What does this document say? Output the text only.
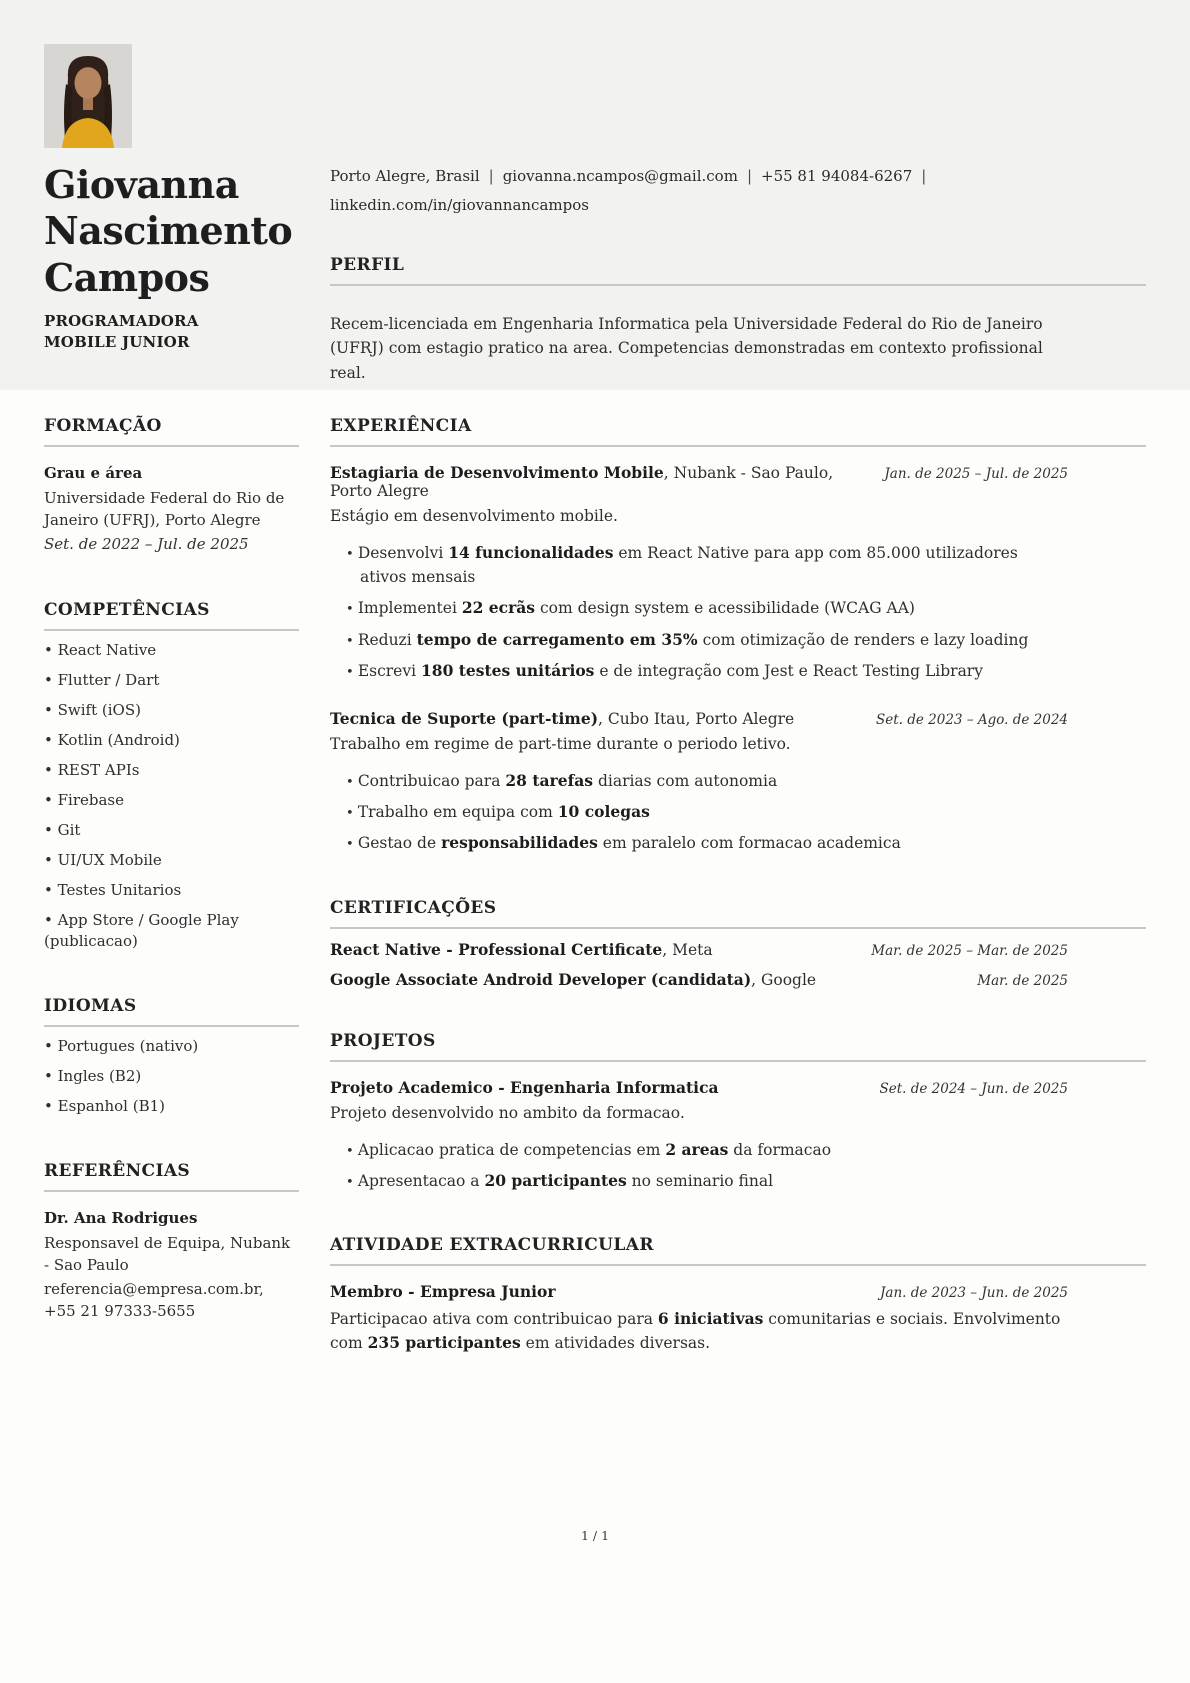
Giovanna Nascimento Campos
PROGRAMADORA MOBILE JUNIOR
Porto Alegre, Brasil | giovanna.ncampos@gmail.com | +55 81 94084-6267 |
linkedin.com/in/giovannancampos
PERFIL

Recem-licenciada em Engenharia Informatica pela Universidade Federal do Rio de Janeiro (UFRJ) com estagio pratico na area. Competencias demonstradas em contexto profissional real.

FORMAÇÃO
Grau e área
Universidade Federal do Rio de Janeiro (UFRJ), Porto Alegre
Set. de 2022 – Jul. de 2025
COMPETÊNCIAS
• React Native
• Flutter / Dart
• Swift (iOS)
• Kotlin (Android)
• REST APIs
• Firebase
• Git
• UI/UX Mobile
• Testes Unitarios
• App Store / Google Play (publicacao)
IDIOMAS
• Portugues (nativo)
• Ingles (B2)
• Espanhol (B1)
REFERÊNCIAS
Dr. Ana Rodrigues
Responsavel de Equipa, Nubank - Sao Paulo
referencia@empresa.com.br, +55 21 97333-5655
EXPERIÊNCIA
Estagiaria de Desenvolvimento Mobile, Nubank - Sao Paulo, Porto Alegre
Jan. de 2025 – Jul. de 2025
Estágio em desenvolvimento mobile.
• Desenvolvi 14 funcionalidades em React Native para app com 85.000 utilizadores ativos mensais
• Implementei 22 ecrãs com design system e acessibilidade (WCAG AA)
• Reduzi tempo de carregamento em 35% com otimização de renders e lazy loading
• Escrevi 180 testes unitários e de integração com Jest e React Testing Library
Tecnica de Suporte (part-time), Cubo Itau, Porto Alegre	Set. de 2023 – Ago. de 2024
Trabalho em regime de part-time durante o periodo letivo.
• Contribuicao para 28 tarefas diarias com autonomia
• Trabalho em equipa com 10 colegas
• Gestao de responsabilidades em paralelo com formacao academica
CERTIFICAÇÕES
React Native - Professional Certificate, Meta	Mar. de 2025 – Mar. de 2025
Google Associate Android Developer (candidata), Google	Mar. de 2025
PROJETOS
Projeto Academico - Engenharia Informatica	Set. de 2024 – Jun. de 2025
Projeto desenvolvido no ambito da formacao.
• Aplicacao pratica de competencias em 2 areas da formacao
• Apresentacao a 20 participantes no seminario final
ATIVIDADE EXTRACURRICULAR
Membro - Empresa Junior	Jan. de 2023 – Jun. de 2025
Participacao ativa com contribuicao para 6 iniciativas comunitarias e sociais. Envolvimento com 235 participantes em atividades diversas.
1 / 1
